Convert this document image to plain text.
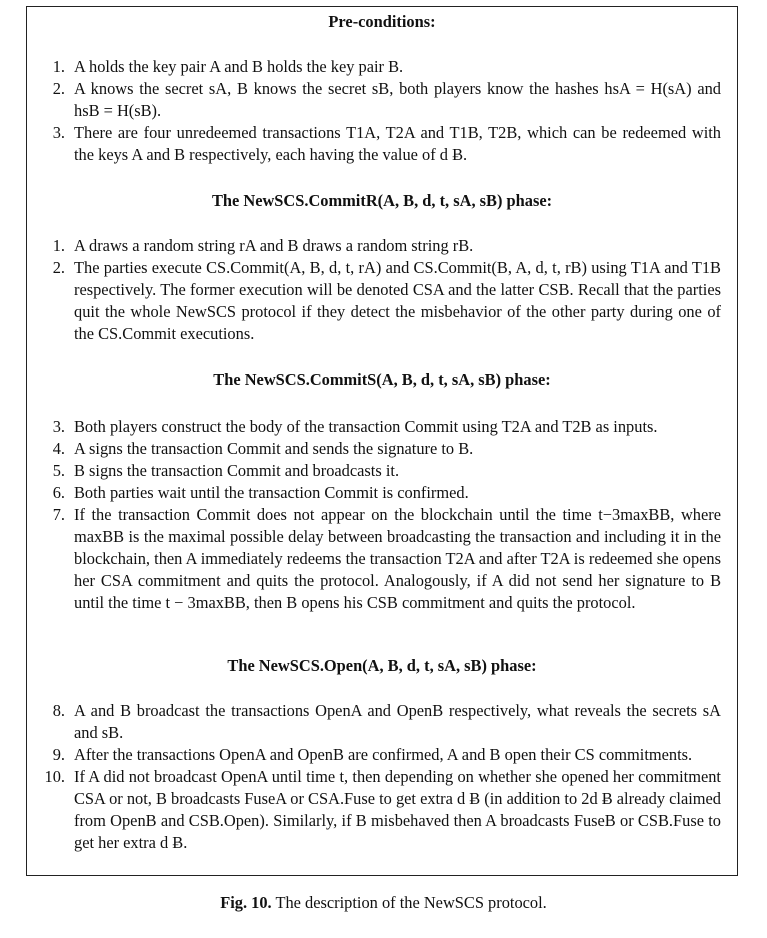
Pre-conditions:
1. A holds the key pair A and B holds the key pair B.
2. A knows the secret sA, B knows the secret sB, both players know the hashes hsA = H(sA) and hsB = H(sB).
3. There are four unredeemed transactions T1A, T2A and T1B, T2B, which can be redeemed with the keys A and B respectively, each having the value of d Ƀ.
The NewSCS.CommitR(A, B, d, t, sA, sB) phase:
1. A draws a random string rA and B draws a random string rB.
2. The parties execute CS.Commit(A, B, d, t, rA) and CS.Commit(B, A, d, t, rB) using T1A and T1B respectively. The former execution will be denoted CSA and the latter CSB. Recall that the parties quit the whole NewSCS protocol if they detect the misbehavior of the other party during one of the CS.Commit executions.
The NewSCS.CommitS(A, B, d, t, sA, sB) phase:
3. Both players construct the body of the transaction Commit using T2A and T2B as inputs.
4. A signs the transaction Commit and sends the signature to B.
5. B signs the transaction Commit and broadcasts it.
6. Both parties wait until the transaction Commit is confirmed.
7. If the transaction Commit does not appear on the blockchain until the time t−3maxBB, where maxBB is the maximal possible delay between broadcasting the transaction and including it in the blockchain, then A immediately redeems the transaction T2A and after T2A is redeemed she opens her CSA commitment and quits the protocol. Analogously, if A did not send her signature to B until the time t − 3maxBB, then B opens his CSB commitment and quits the protocol.
The NewSCS.Open(A, B, d, t, sA, sB) phase:
8. A and B broadcast the transactions OpenA and OpenB respectively, what reveals the secrets sA and sB.
9. After the transactions OpenA and OpenB are confirmed, A and B open their CS commitments.
10. If A did not broadcast OpenA until time t, then depending on whether she opened her commitment CSA or not, B broadcasts FuseA or CSA.Fuse to get extra d Ƀ (in addition to 2d Ƀ already claimed from OpenB and CSB.Open). Similarly, if B misbehaved then A broadcasts FuseB or CSB.Fuse to get her extra d Ƀ.
Fig. 10. The description of the NewSCS protocol.
